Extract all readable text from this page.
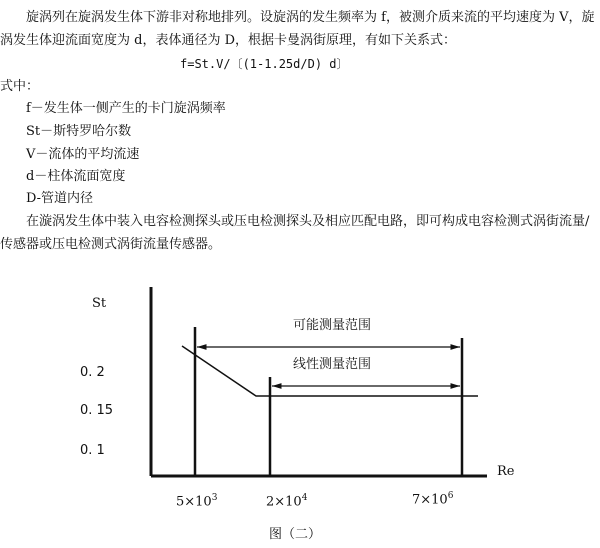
旋涡列在旋涡发生体下游非对称地排列。设旋涡的发生频率为 f，被测介质来流的平均速度为 V，旋
涡发生体迎流面宽度为 d，表体通径为 D，根据卡曼涡街原理，有如下关系式：
f=St.V/〔(1-1.25d/D) d〕
式中：
f－发生体一侧产生的卡门旋涡频率
St－斯特罗哈尔数
V－流体的平均流速
d－柱体流面宽度
D-管道内径
在漩涡发生体中装入电容检测探头或压电检测探头及相应匹配电路，即可构成电容检测式涡街流量/
传感器或压电检测式涡街流量传感器。
St
Re
0. 2
0. 15
0. 1
可能测量范围
线性测量范围
$5\times 10^3$	$2\times 10^4$	$7\times 10^6$
图（二）
